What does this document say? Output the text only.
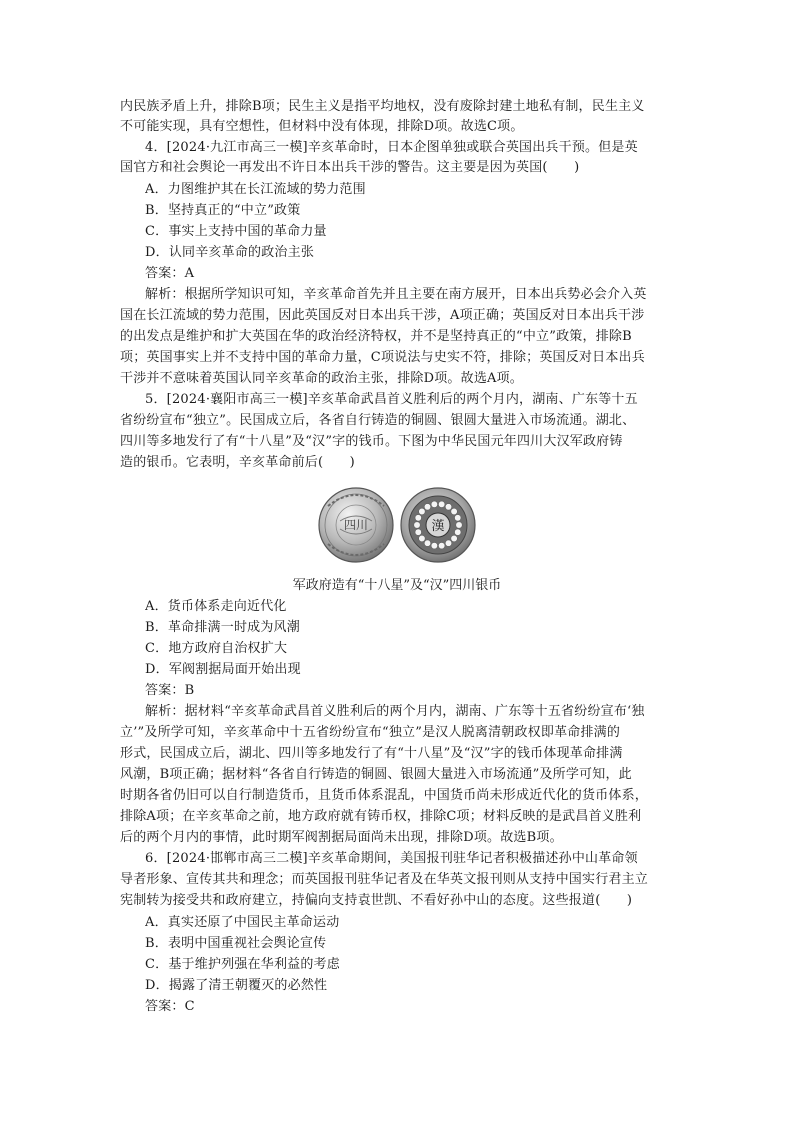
内民族矛盾上升，排除B项；民生主义是指平均地权，没有废除封建土地私有制，民生主义
不可能实现，具有空想性，但材料中没有体现，排除D项。故选C项。
4．[2024·九江市高三一模]辛亥革命时，日本企图单独或联合英国出兵干预。但是英
国官方和社会舆论一再发出不许日本出兵干涉的警告。这主要是因为英国(　　)
A．力图维护其在长江流域的势力范围
B．坚持真正的“中立”政策
C．事实上支持中国的革命力量
D．认同辛亥革命的政治主张
答案：A
解析：根据所学知识可知，辛亥革命首先并且主要在南方展开，日本出兵势必会介入英
国在长江流域的势力范围，因此英国反对日本出兵干涉，A项正确；英国反对日本出兵干涉
的出发点是维护和扩大英国在华的政治经济特权，并不是坚持真正的“中立”政策，排除B
项；英国事实上并不支持中国的革命力量，C项说法与史实不符，排除；英国反对日本出兵
干涉并不意味着英国认同辛亥革命的政治主张，排除D项。故选A项。
5．[2024·襄阳市高三一模]辛亥革命武昌首义胜利后的两个月内，湖南、广东等十五
省纷纷宣布“独立”。民国成立后，各省自行铸造的铜圆、银圆大量进入市场流通。湖北、
四川等多地发行了有“十八星”及“汉”字的钱币。下图为中华民国元年四川大汉军政府铸
造的银币。它表明，辛亥革命前后(　　)
四川	漢
军政府造有“十八星”及“汉”四川银币
A．货币体系走向近代化
B．革命排满一时成为风潮
C．地方政府自治权扩大
D．军阀割据局面开始出现
答案：B
解析：据材料“辛亥革命武昌首义胜利后的两个月内，湖南、广东等十五省纷纷宣布‘独
立’”及所学可知，辛亥革命中十五省纷纷宣布“独立”是汉人脱离清朝政权即革命排满的
形式，民国成立后，湖北、四川等多地发行了有“十八星”及“汉”字的钱币体现革命排满
风潮，B项正确；据材料“各省自行铸造的铜圆、银圆大量进入市场流通”及所学可知，此
时期各省仍旧可以自行制造货币，且货币体系混乱，中国货币尚未形成近代化的货币体系，
排除A项；在辛亥革命之前，地方政府就有铸币权，排除C项；材料反映的是武昌首义胜利
后的两个月内的事情，此时期军阀割据局面尚未出现，排除D项。故选B项。
6．[2024·邯郸市高三二模]辛亥革命期间，美国报刊驻华记者积极描述孙中山革命领
导者形象、宣传其共和理念；而英国报刊驻华记者及在华英文报刊则从支持中国实行君主立
宪制转为接受共和政府建立，持偏向支持袁世凯、不看好孙中山的态度。这些报道(　　)
A．真实还原了中国民主革命运动
B．表明中国重视社会舆论宣传
C．基于维护列强在华利益的考虑
D．揭露了清王朝覆灭的必然性
答案：C
